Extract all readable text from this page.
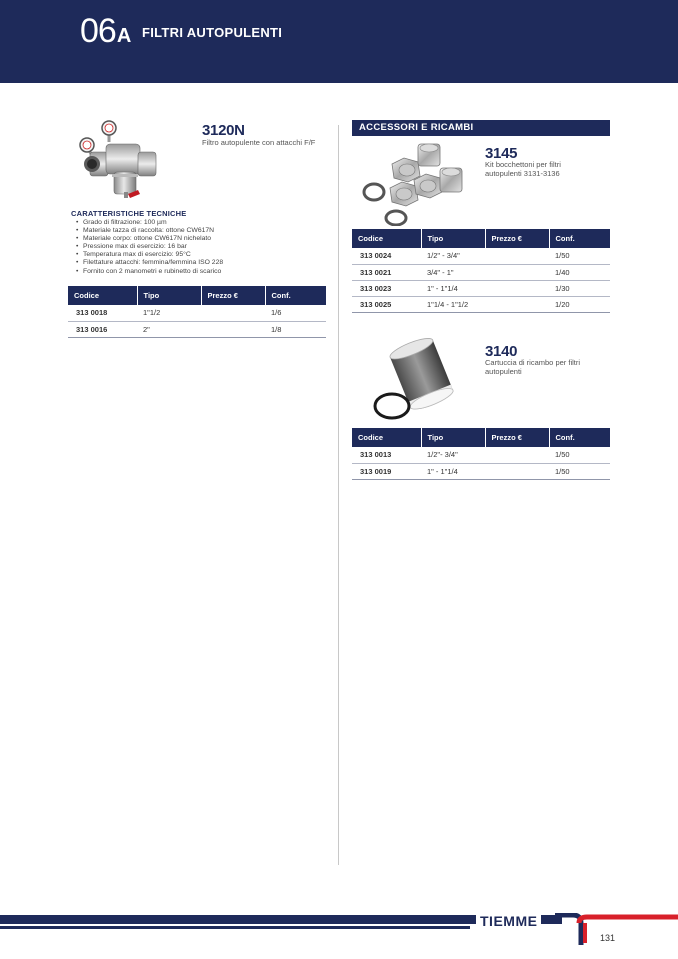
06A FILTRI AUTOPULENTI
3120N
Filtro autopulente con attacchi F/F
CARATTERISTICHE TECNICHE
• Grado di filtrazione: 100 µm
• Materiale tazza di raccolta: ottone CW617N
• Materiale corpo: ottone CW617N nichelato
• Pressione max di esercizio: 16 bar
• Temperatura max di esercizio: 95°C
• Filettature attacchi: femmina/femmina ISO 228
• Fornito con 2 manometri e rubinetto di scarico
Codice	Tipo	Prezzo €	Conf.
313 0018	1"1/2		1/6
313 0016	2"		1/8
ACCESSORI E RICAMBI
3145
Kit bocchettoni per filtri autopulenti 3131-3136
Codice	Tipo	Prezzo €	Conf.
313 0024	1/2" - 3/4"		1/50
313 0021	3/4" - 1"		1/40
313 0023	1" - 1"1/4		1/30
313 0025	1"1/4 - 1"1/2		1/20
3140
Cartuccia di ricambo per filtri autopulenti
Codice	Tipo	Prezzo €	Conf.
313 0013	1/2"- 3/4"		1/50
313 0019	1" - 1"1/4		1/50
TIEMME
131
